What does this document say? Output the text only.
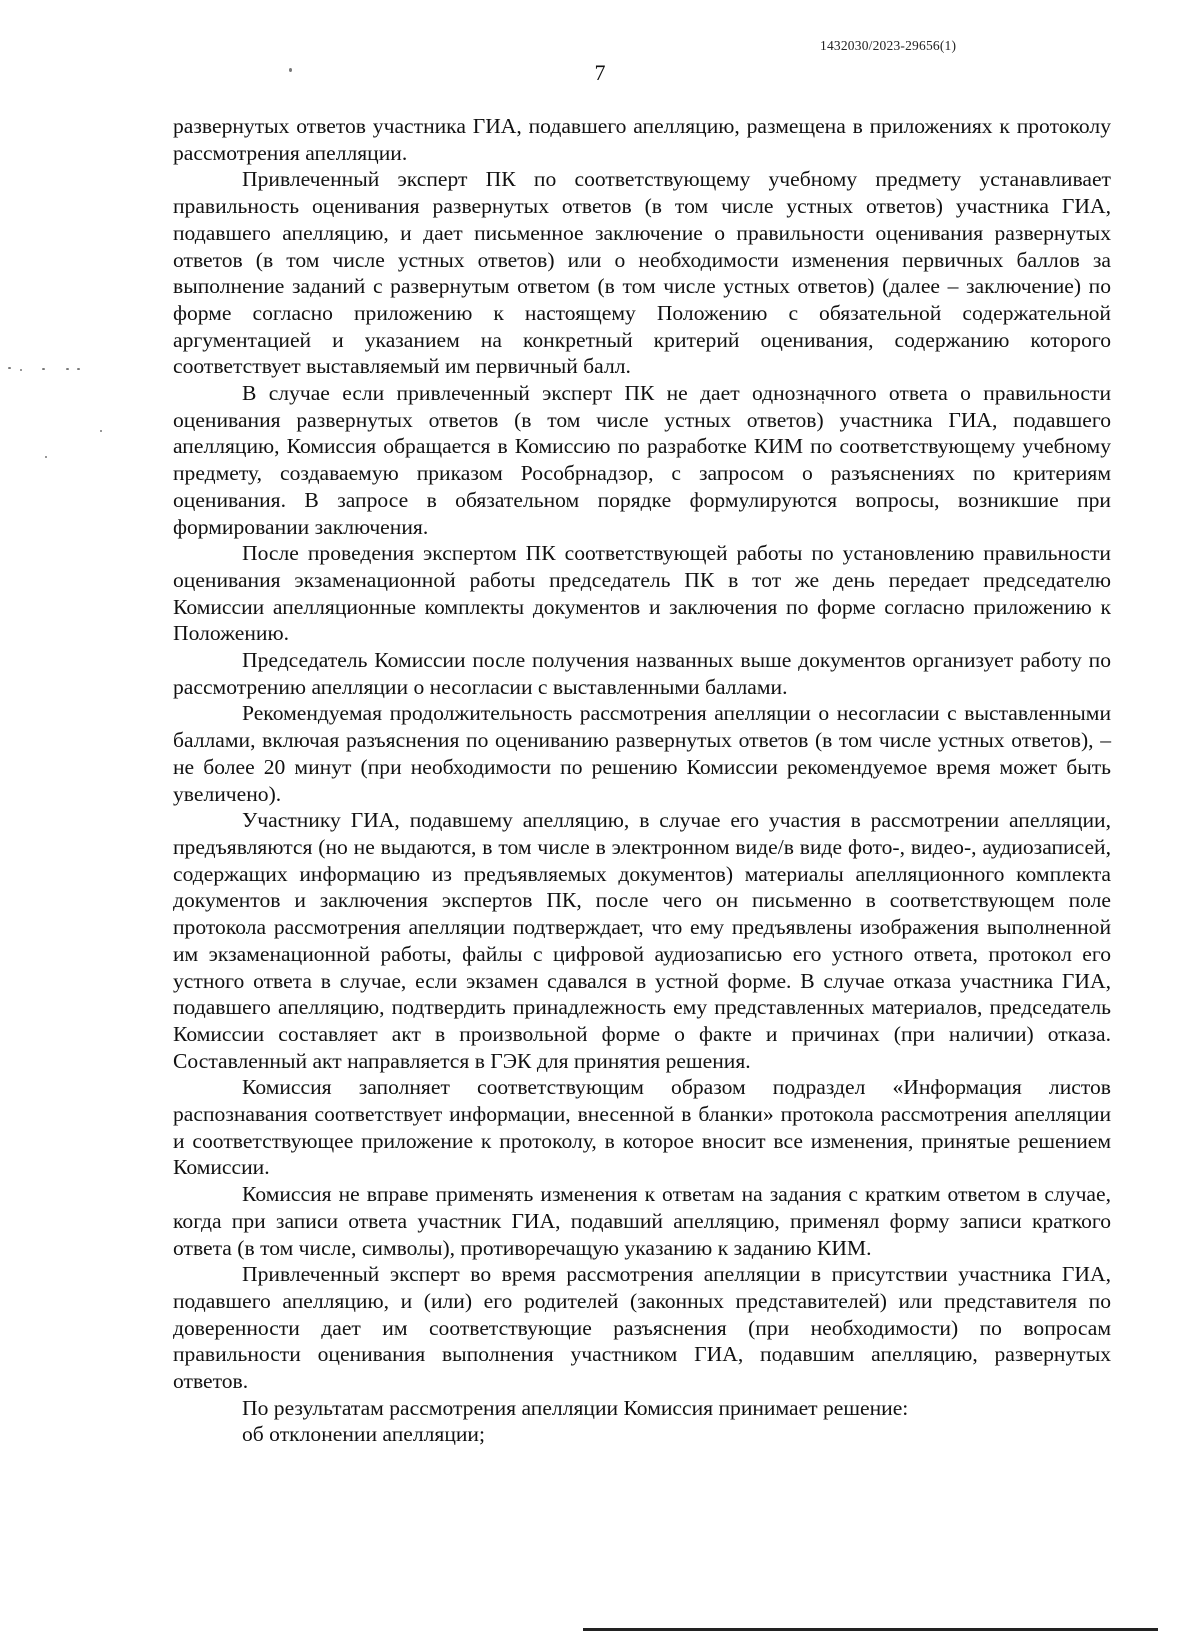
1432030/2023-29656(1)
7

развернутых ответов участника ГИА, подавшего апелляцию, размещена в приложениях к протоколу рассмотрения апелляции.

Привлеченный эксперт ПК по соответствующему учебному предмету устанавливает правильность оценивания развернутых ответов (в том числе устных ответов) участника ГИА, подавшего апелляцию, и дает письменное заключение о правильности оценивания развернутых ответов (в том числе устных ответов) или о необходимости изменения первичных баллов за выполнение заданий с развернутым ответом (в том числе устных ответов) (далее – заключение) по форме согласно приложению к настоящему Положению с обязательной содержательной аргументацией и указанием на конкретный критерий оценивания, содержанию которого соответствует выставляемый им первичный балл.

В случае если привлеченный эксперт ПК не дает однозначного ответа о правильности оценивания развернутых ответов (в том числе устных ответов) участника ГИА, подавшего апелляцию, Комиссия обращается в Комиссию по разработке КИМ по соответствующему учебному предмету, создаваемую приказом Рособрнадзор, с запросом о разъяснениях по критериям оценивания. В запросе в обязательном порядке формулируются вопросы, возникшие при формировании заключения.

После проведения экспертом ПК соответствующей работы по установлению правильности оценивания экзаменационной работы председатель ПК в тот же день передает председателю Комиссии апелляционные комплекты документов и заключения по форме согласно приложению к Положению.

Председатель Комиссии после получения названных выше документов организует работу по рассмотрению апелляции о несогласии с выставленными баллами.

Рекомендуемая продолжительность рассмотрения апелляции о несогласии с выставленными баллами, включая разъяснения по оцениванию развернутых ответов (в том числе устных ответов), – не более 20 минут (при необходимости по решению Комиссии рекомендуемое время может быть увеличено).

Участнику ГИА, подавшему апелляцию, в случае его участия в рассмотрении апелляции, предъявляются (но не выдаются, в том числе в электронном виде/в виде фото-, видео-, аудиозаписей, содержащих информацию из предъявляемых документов) материалы апелляционного комплекта документов и заключения экспертов ПК, после чего он письменно в соответствующем поле протокола рассмотрения апелляции подтверждает, что ему предъявлены изображения выполненной им экзаменационной работы, файлы с цифровой аудиозаписью его устного ответа, протокол его устного ответа в случае, если экзамен сдавался в устной форме. В случае отказа участника ГИА, подавшего апелляцию, подтвердить принадлежность ему представленных материалов, председатель Комиссии составляет акт в произвольной форме о факте и причинах (при наличии) отказа. Составленный акт направляется в ГЭК для принятия решения.

Комиссия заполняет соответствующим образом подраздел «Информация листов распознавания соответствует информации, внесенной в бланки» протокола рассмотрения апелляции и соответствующее приложение к протоколу, в которое вносит все изменения, принятые решением Комиссии.

Комиссия не вправе применять изменения к ответам на задания с кратким ответом в случае, когда при записи ответа участник ГИА, подавший апелляцию, применял форму записи краткого ответа (в том числе, символы), противоречащую указанию к заданию КИМ.

Привлеченный эксперт во время рассмотрения апелляции в присутствии участника ГИА, подавшего апелляцию, и (или) его родителей (законных представителей) или представителя по доверенности дает им соответствующие разъяснения (при необходимости) по вопросам правильности оценивания выполнения участником ГИА, подавшим апелляцию, развернутых ответов.

По результатам рассмотрения апелляции Комиссия принимает решение:

об отклонении апелляции;
